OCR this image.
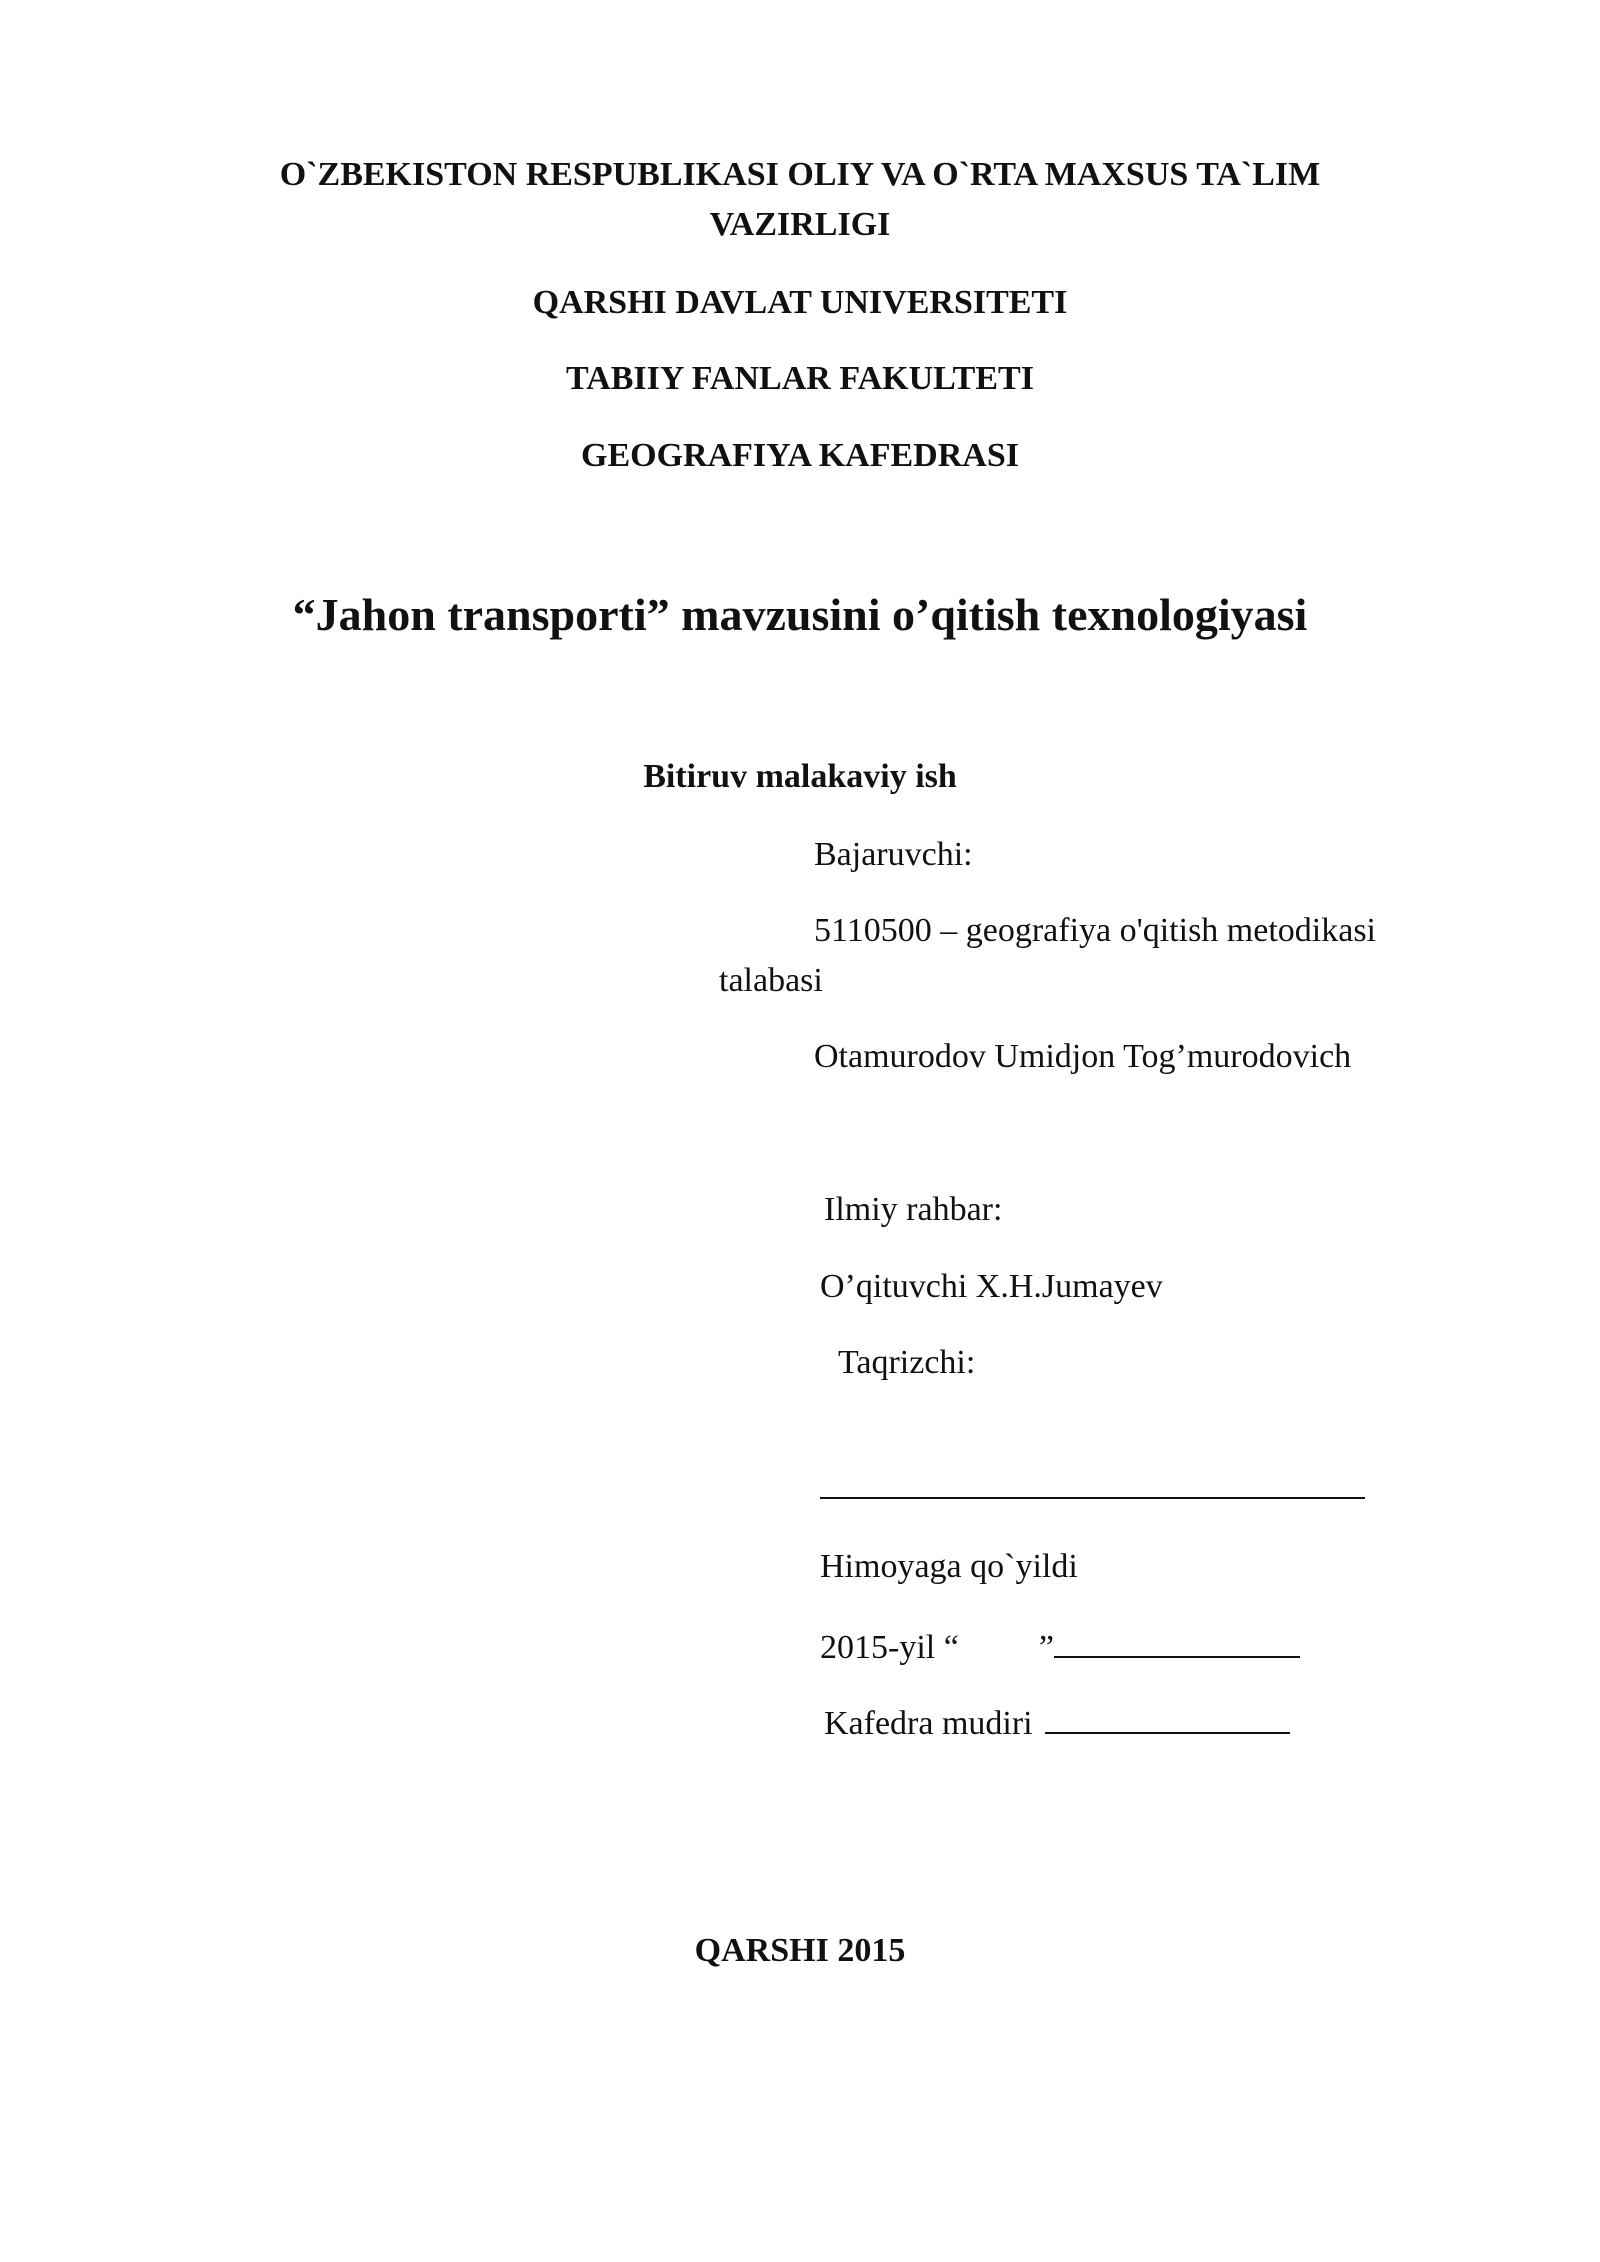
O`ZBEKISTON RESPUBLIKASI OLIY VA O`RTA MAXSUS TA`LIM
VAZIRLIGI
QARSHI DAVLAT UNIVERSITETI
TABIIY FANLAR FAKULTETI
GEOGRAFIYA KAFEDRASI
“Jahon transporti” mavzusini o’qitish texnologiyasi
Bitiruv malakaviy ish
Bajaruvchi:
5110500 – geografiya o'qitish metodikasi
talabasi
Otamurodov Umidjon Tog’murodovich
Ilmiy rahbar:
O’qituvchi X.H.Jumayev
Taqrizchi:
Himoyaga qo`yildi
2015-yil “ ”
Kafedra mudiri
QARSHI 2015
